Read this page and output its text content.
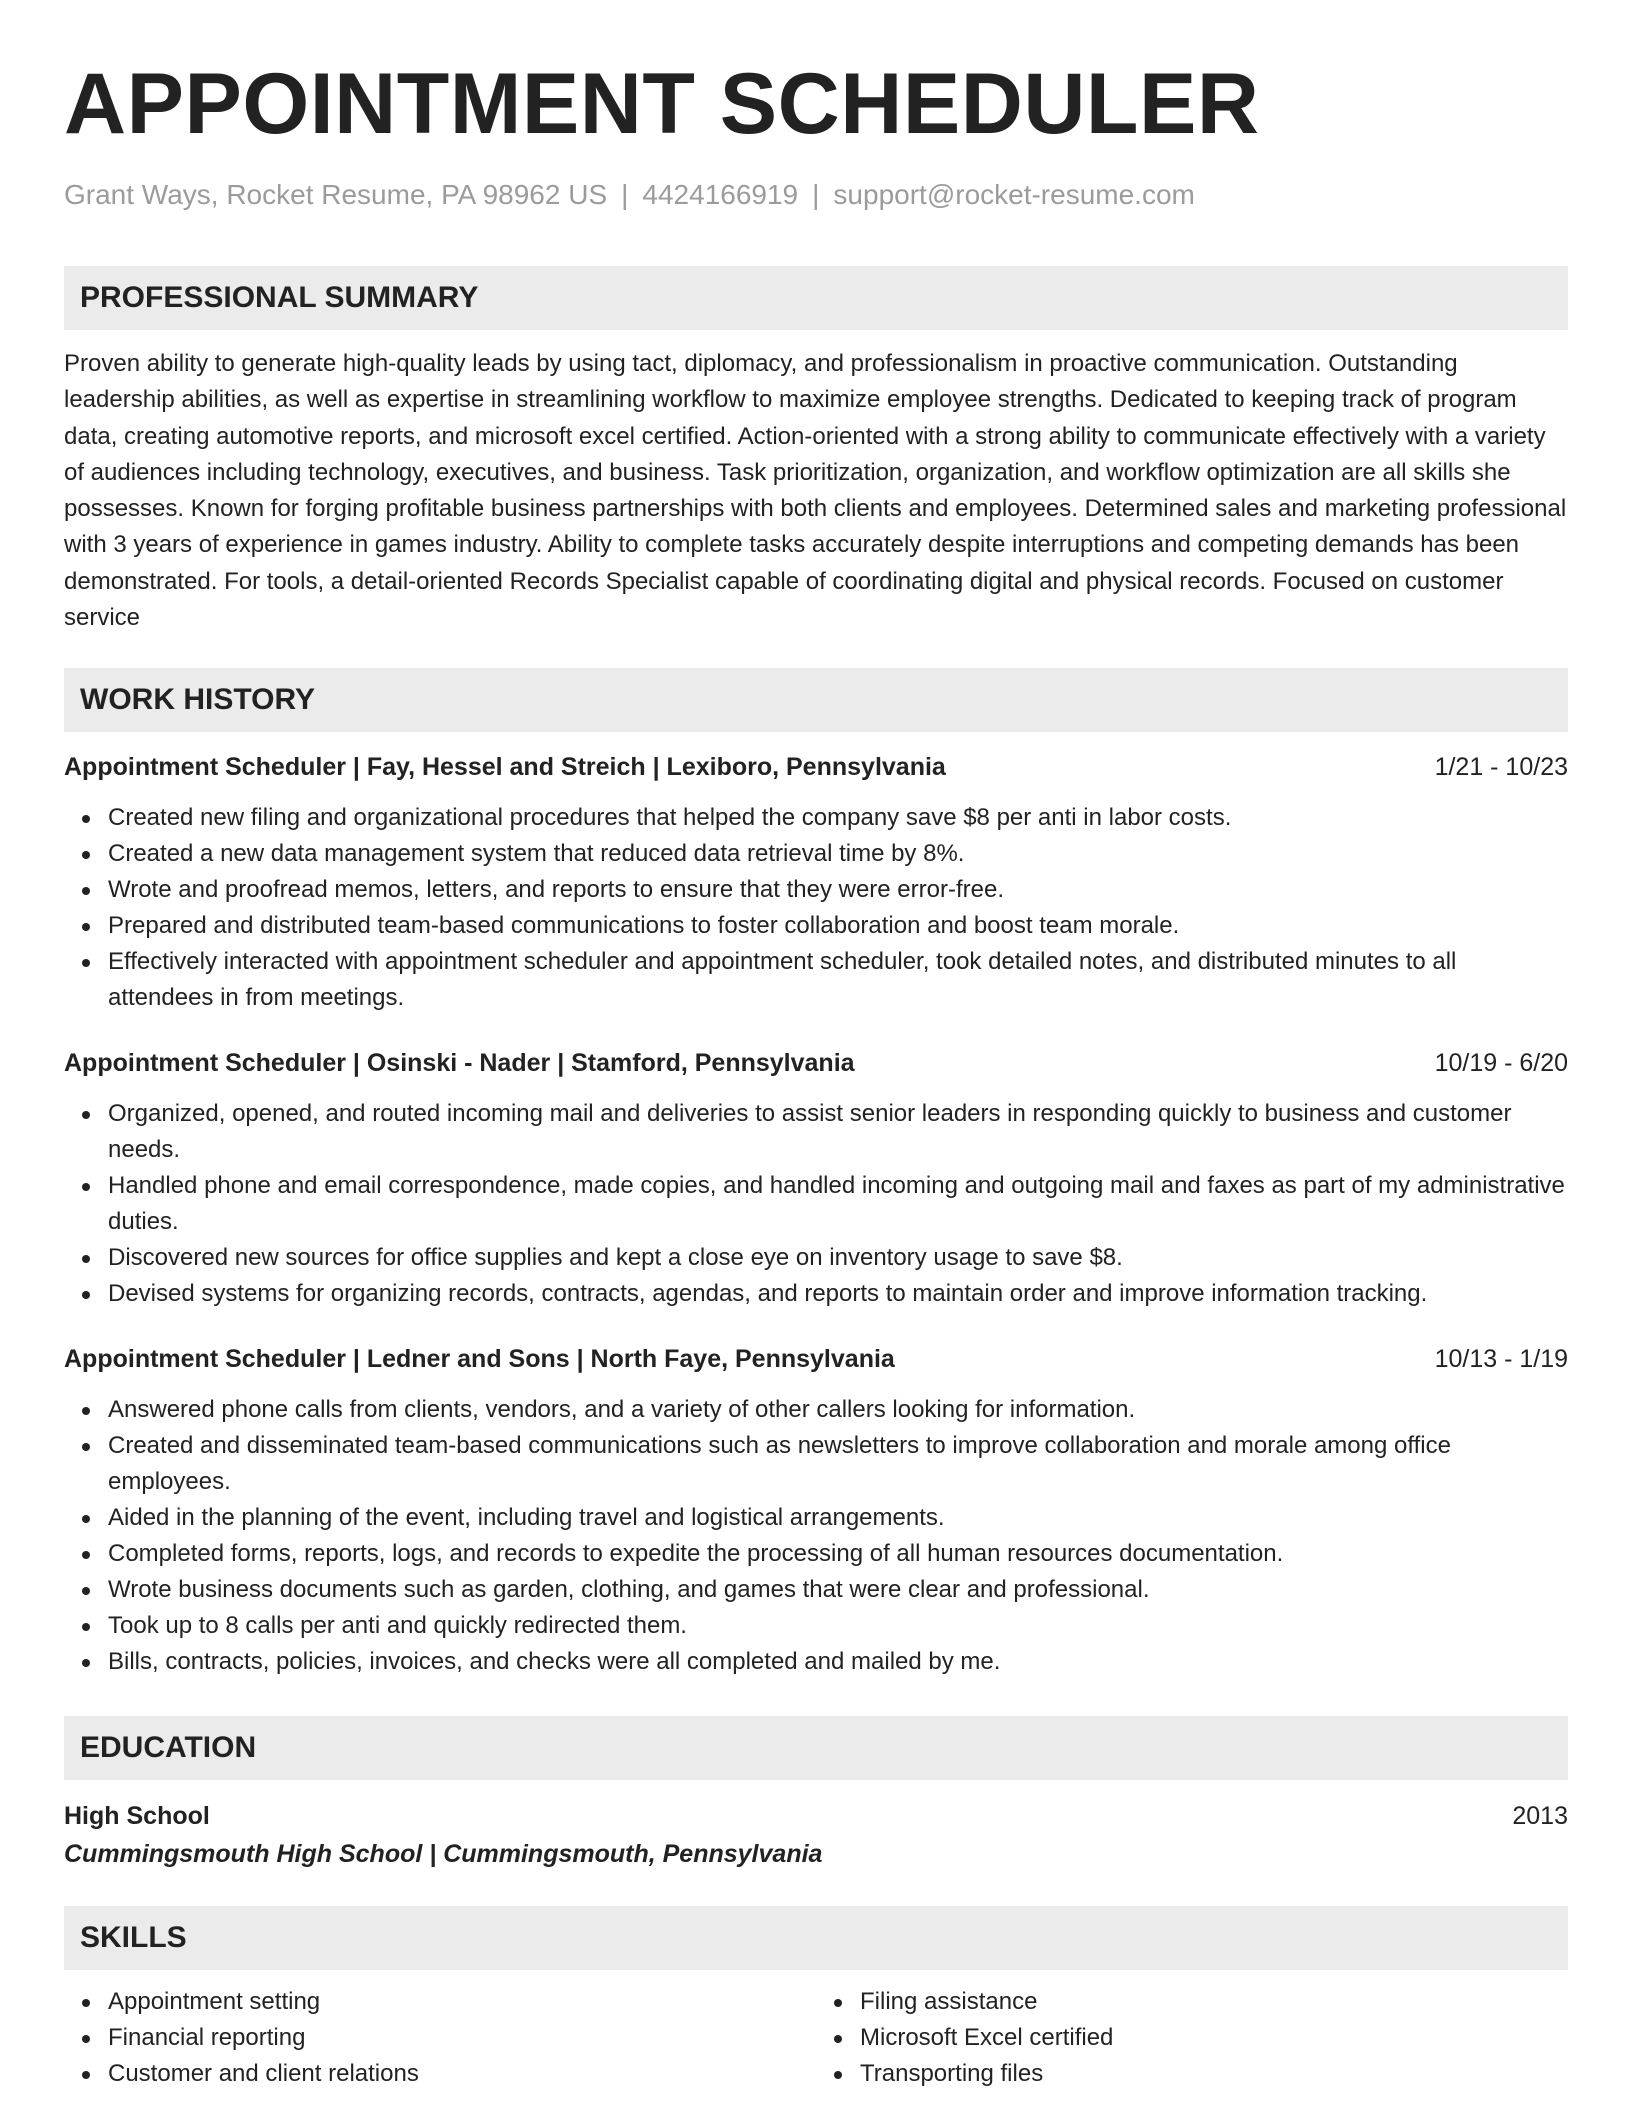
APPOINTMENT SCHEDULER
Grant Ways, Rocket Resume, PA 98962 US | 4424166919 | support@rocket-resume.com
PROFESSIONAL SUMMARY

Proven ability to generate high-quality leads by using tact, diplomacy, and professionalism in proactive communication. Outstanding leadership abilities, as well as expertise in streamlining workflow to maximize employee strengths. Dedicated to keeping track of program data, creating automotive reports, and microsoft excel certified. Action-oriented with a strong ability to communicate effectively with a variety of audiences including technology, executives, and business. Task prioritization, organization, and workflow optimization are all skills she possesses. Known for forging profitable business partnerships with both clients and employees. Determined sales and marketing professional with 3 years of experience in games industry. Ability to complete tasks accurately despite interruptions and competing demands has been demonstrated. For tools, a detail-oriented Records Specialist capable of coordinating digital and physical records. Focused on customer service

WORK HISTORY
Appointment Scheduler | Fay, Hessel and Streich | Lexiboro, Pennsylvania	1/21 - 10/23
Created new filing and organizational procedures that helped the company save $8 per anti in labor costs.
Created a new data management system that reduced data retrieval time by 8%.
Wrote and proofread memos, letters, and reports to ensure that they were error-free.
Prepared and distributed team-based communications to foster collaboration and boost team morale.
Effectively interacted with appointment scheduler and appointment scheduler, took detailed notes, and distributed minutes to all attendees in from meetings.
Appointment Scheduler | Osinski - Nader | Stamford, Pennsylvania	10/19 - 6/20
Organized, opened, and routed incoming mail and deliveries to assist senior leaders in responding quickly to business and customer needs.
Handled phone and email correspondence, made copies, and handled incoming and outgoing mail and faxes as part of my administrative duties.
Discovered new sources for office supplies and kept a close eye on inventory usage to save $8.
Devised systems for organizing records, contracts, agendas, and reports to maintain order and improve information tracking.
Appointment Scheduler | Ledner and Sons | North Faye, Pennsylvania	10/13 - 1/19
Answered phone calls from clients, vendors, and a variety of other callers looking for information.
Created and disseminated team-based communications such as newsletters to improve collaboration and morale among office employees.
Aided in the planning of the event, including travel and logistical arrangements.
Completed forms, reports, logs, and records to expedite the processing of all human resources documentation.
Wrote business documents such as garden, clothing, and games that were clear and professional.
Took up to 8 calls per anti and quickly redirected them.
Bills, contracts, policies, invoices, and checks were all completed and mailed by me.
EDUCATION
High School	2013
Cummingsmouth High School | Cummingsmouth, Pennsylvania
SKILLS
Appointment setting
Financial reporting
Customer and client relations
Filing assistance
Microsoft Excel certified
Transporting files
